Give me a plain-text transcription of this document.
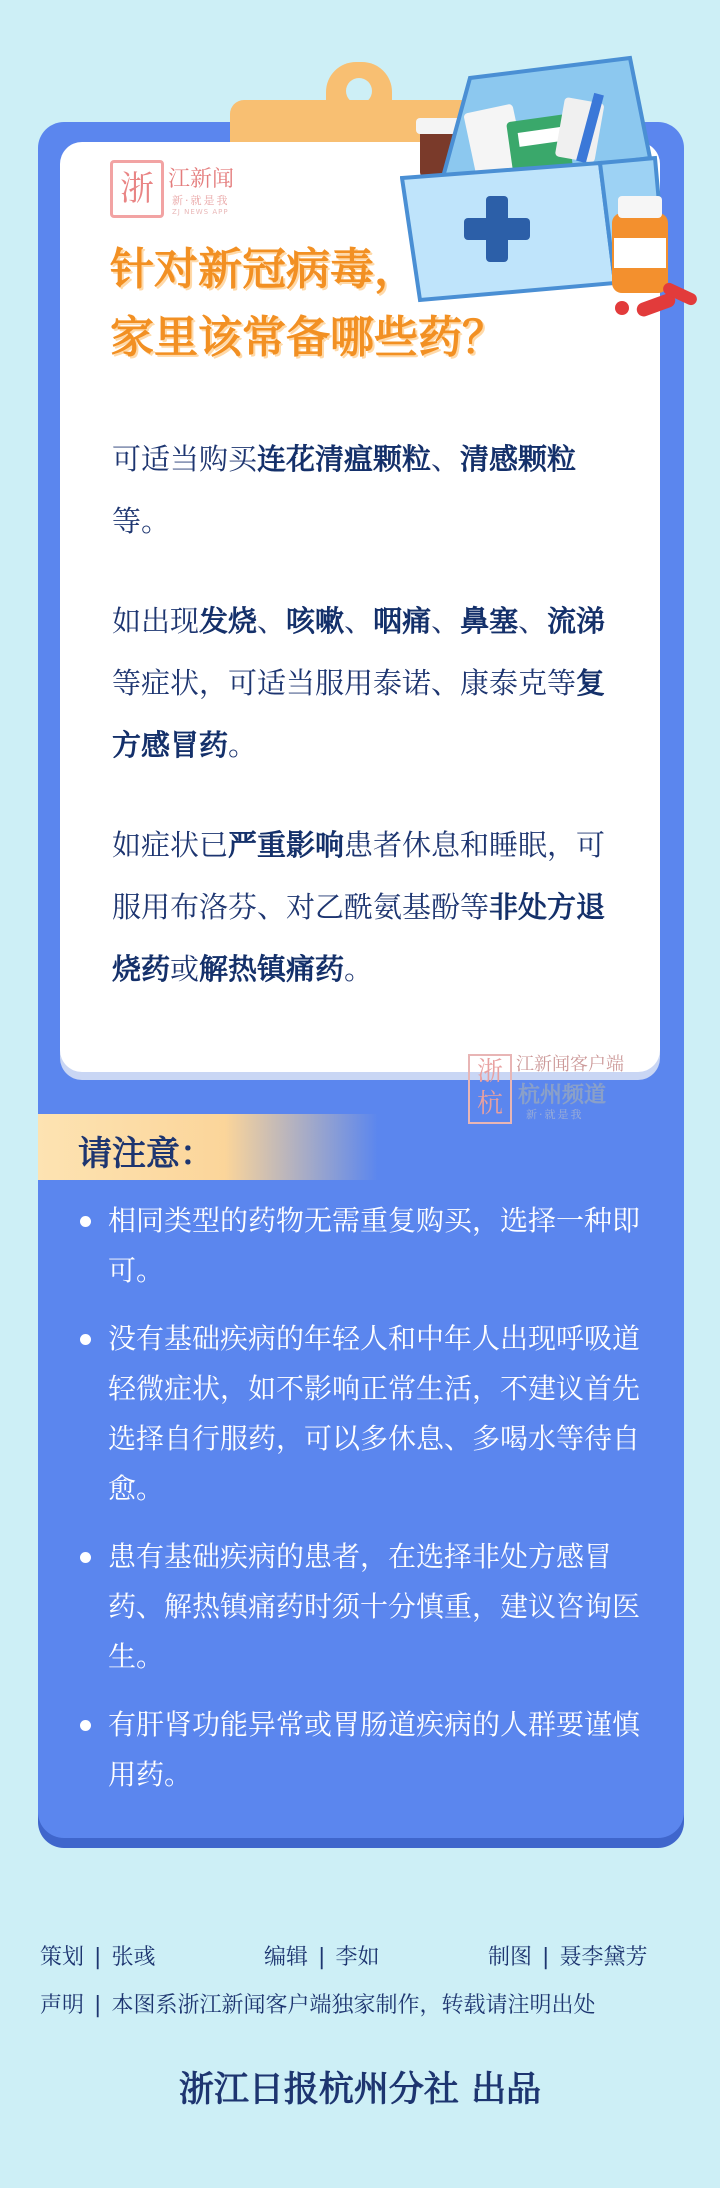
浙 江新闻
新·就是我
ZJ NEWS APP
针对新冠病毒，
家里该常备哪些药？
可适当购买连花清瘟颗粒、清感颗粒等。
如出现发烧、咳嗽、咽痛、鼻塞、流涕等症状，可适当服用泰诺、康泰克等复方感冒药。
如症状已严重影响患者休息和睡眠，可服用布洛芬、对乙酰氨基酚等非处方退烧药或解热镇痛药。
浙杭
江新闻客户端
杭州频道
新·就是我
请注意：
相同类型的药物无需重复购买，选择一种即可。
没有基础疾病的年轻人和中年人出现呼吸道轻微症状，如不影响正常生活，不建议首先选择自行服药，可以多休息、多喝水等待自愈。
患有基础疾病的患者，在选择非处方感冒药、解热镇痛药时须十分慎重，建议咨询医生。
有肝肾功能异常或胃肠道疾病的人群要谨慎用药。
策划 | 张彧	编辑 | 李如	制图 | 聂李黛芳
声明 | 本图系浙江新闻客户端独家制作，转载请注明出处
浙江日报杭州分社 出品
